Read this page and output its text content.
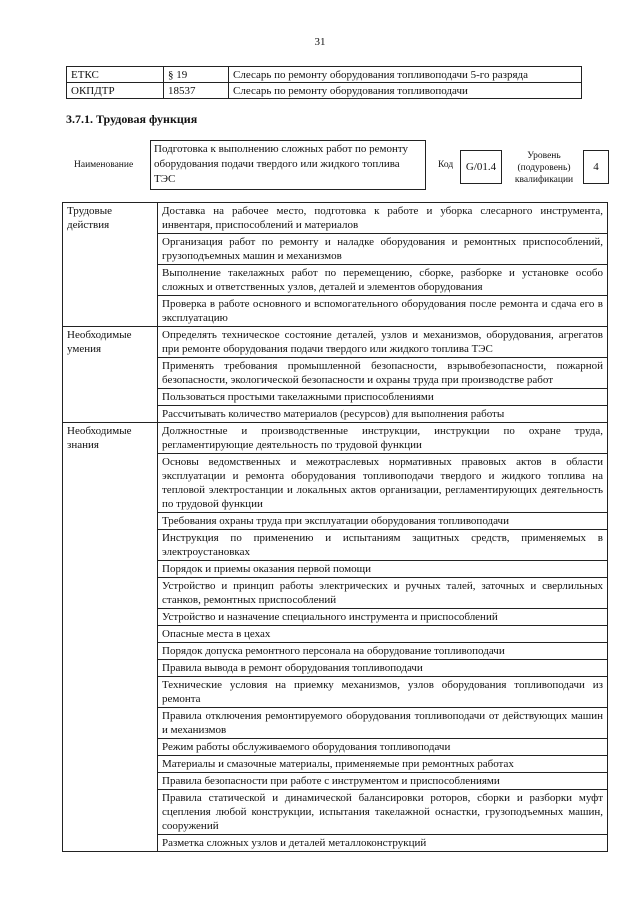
31
ЕТКС	§ 19	Слесарь по ремонту оборудования топливоподачи 5-го разряда
ОКПДТР	18537	Слесарь по ремонту оборудования топливоподачи
3.7.1. Трудовая функция
Наименование
Подготовка к выполнению сложных работ по ремонту оборудования подачи твердого или жидкого топлива ТЭС
Код	G/01.4
Уровень (подуровень) квалификации
4
Трудовые действия	Доставка на рабочее место, подготовка к работе и уборка слесарного инструмента, инвентаря, приспособлений и материалов
	Организация работ по ремонту и наладке оборудования и ремонтных приспособлений, грузоподъемных машин и механизмов
	Выполнение такелажных работ по перемещению, сборке, разборке и установке особо сложных и ответственных узлов, деталей и элементов оборудования
	Проверка в работе основного и вспомогательного оборудования после ремонта и сдача его в эксплуатацию
Необходимые умения	Определять техническое состояние деталей, узлов и механизмов, оборудования, агрегатов при ремонте оборудования подачи твердого или жидкого топлива ТЭС
	Применять требования промышленной безопасности, взрывобезопасности, пожарной безопасности, экологической безопасности и охраны труда при производстве работ
	Пользоваться простыми такелажными приспособлениями
	Рассчитывать количество материалов (ресурсов) для выполнения работы
Необходимые знания	Должностные и производственные инструкции, инструкции по охране труда, регламентирующие деятельность по трудовой функции
	Основы ведомственных и межотраслевых нормативных правовых актов в области эксплуатации и ремонта оборудования топливоподачи твердого и жидкого топлива на тепловой электростанции и локальных актов организации, регламентирующих деятельность по трудовой функции
	Требования охраны труда при эксплуатации оборудования топливоподачи
	Инструкция по применению и испытаниям защитных средств, применяемых в электроустановках
	Порядок и приемы оказания первой помощи
	Устройство и принцип работы электрических и ручных талей, заточных и сверлильных станков, ремонтных приспособлений
	Устройство и назначение специального инструмента и приспособлений
	Опасные места в цехах
	Порядок допуска ремонтного персонала на оборудование топливоподачи
	Правила вывода в ремонт оборудования топливоподачи
	Технические условия на приемку механизмов, узлов оборудования топливоподачи из ремонта
	Правила отключения ремонтируемого оборудования топливоподачи от действующих машин и механизмов
	Режим работы обслуживаемого оборудования топливоподачи
	Материалы и смазочные материалы, применяемые при ремонтных работах
	Правила безопасности при работе с инструментом и приспособлениями
	Правила статической и динамической балансировки роторов, сборки и разборки муфт сцепления любой конструкции, испытания такелажной оснастки, грузоподъемных машин, сооружений
	Разметка сложных узлов и деталей металлоконструкций
